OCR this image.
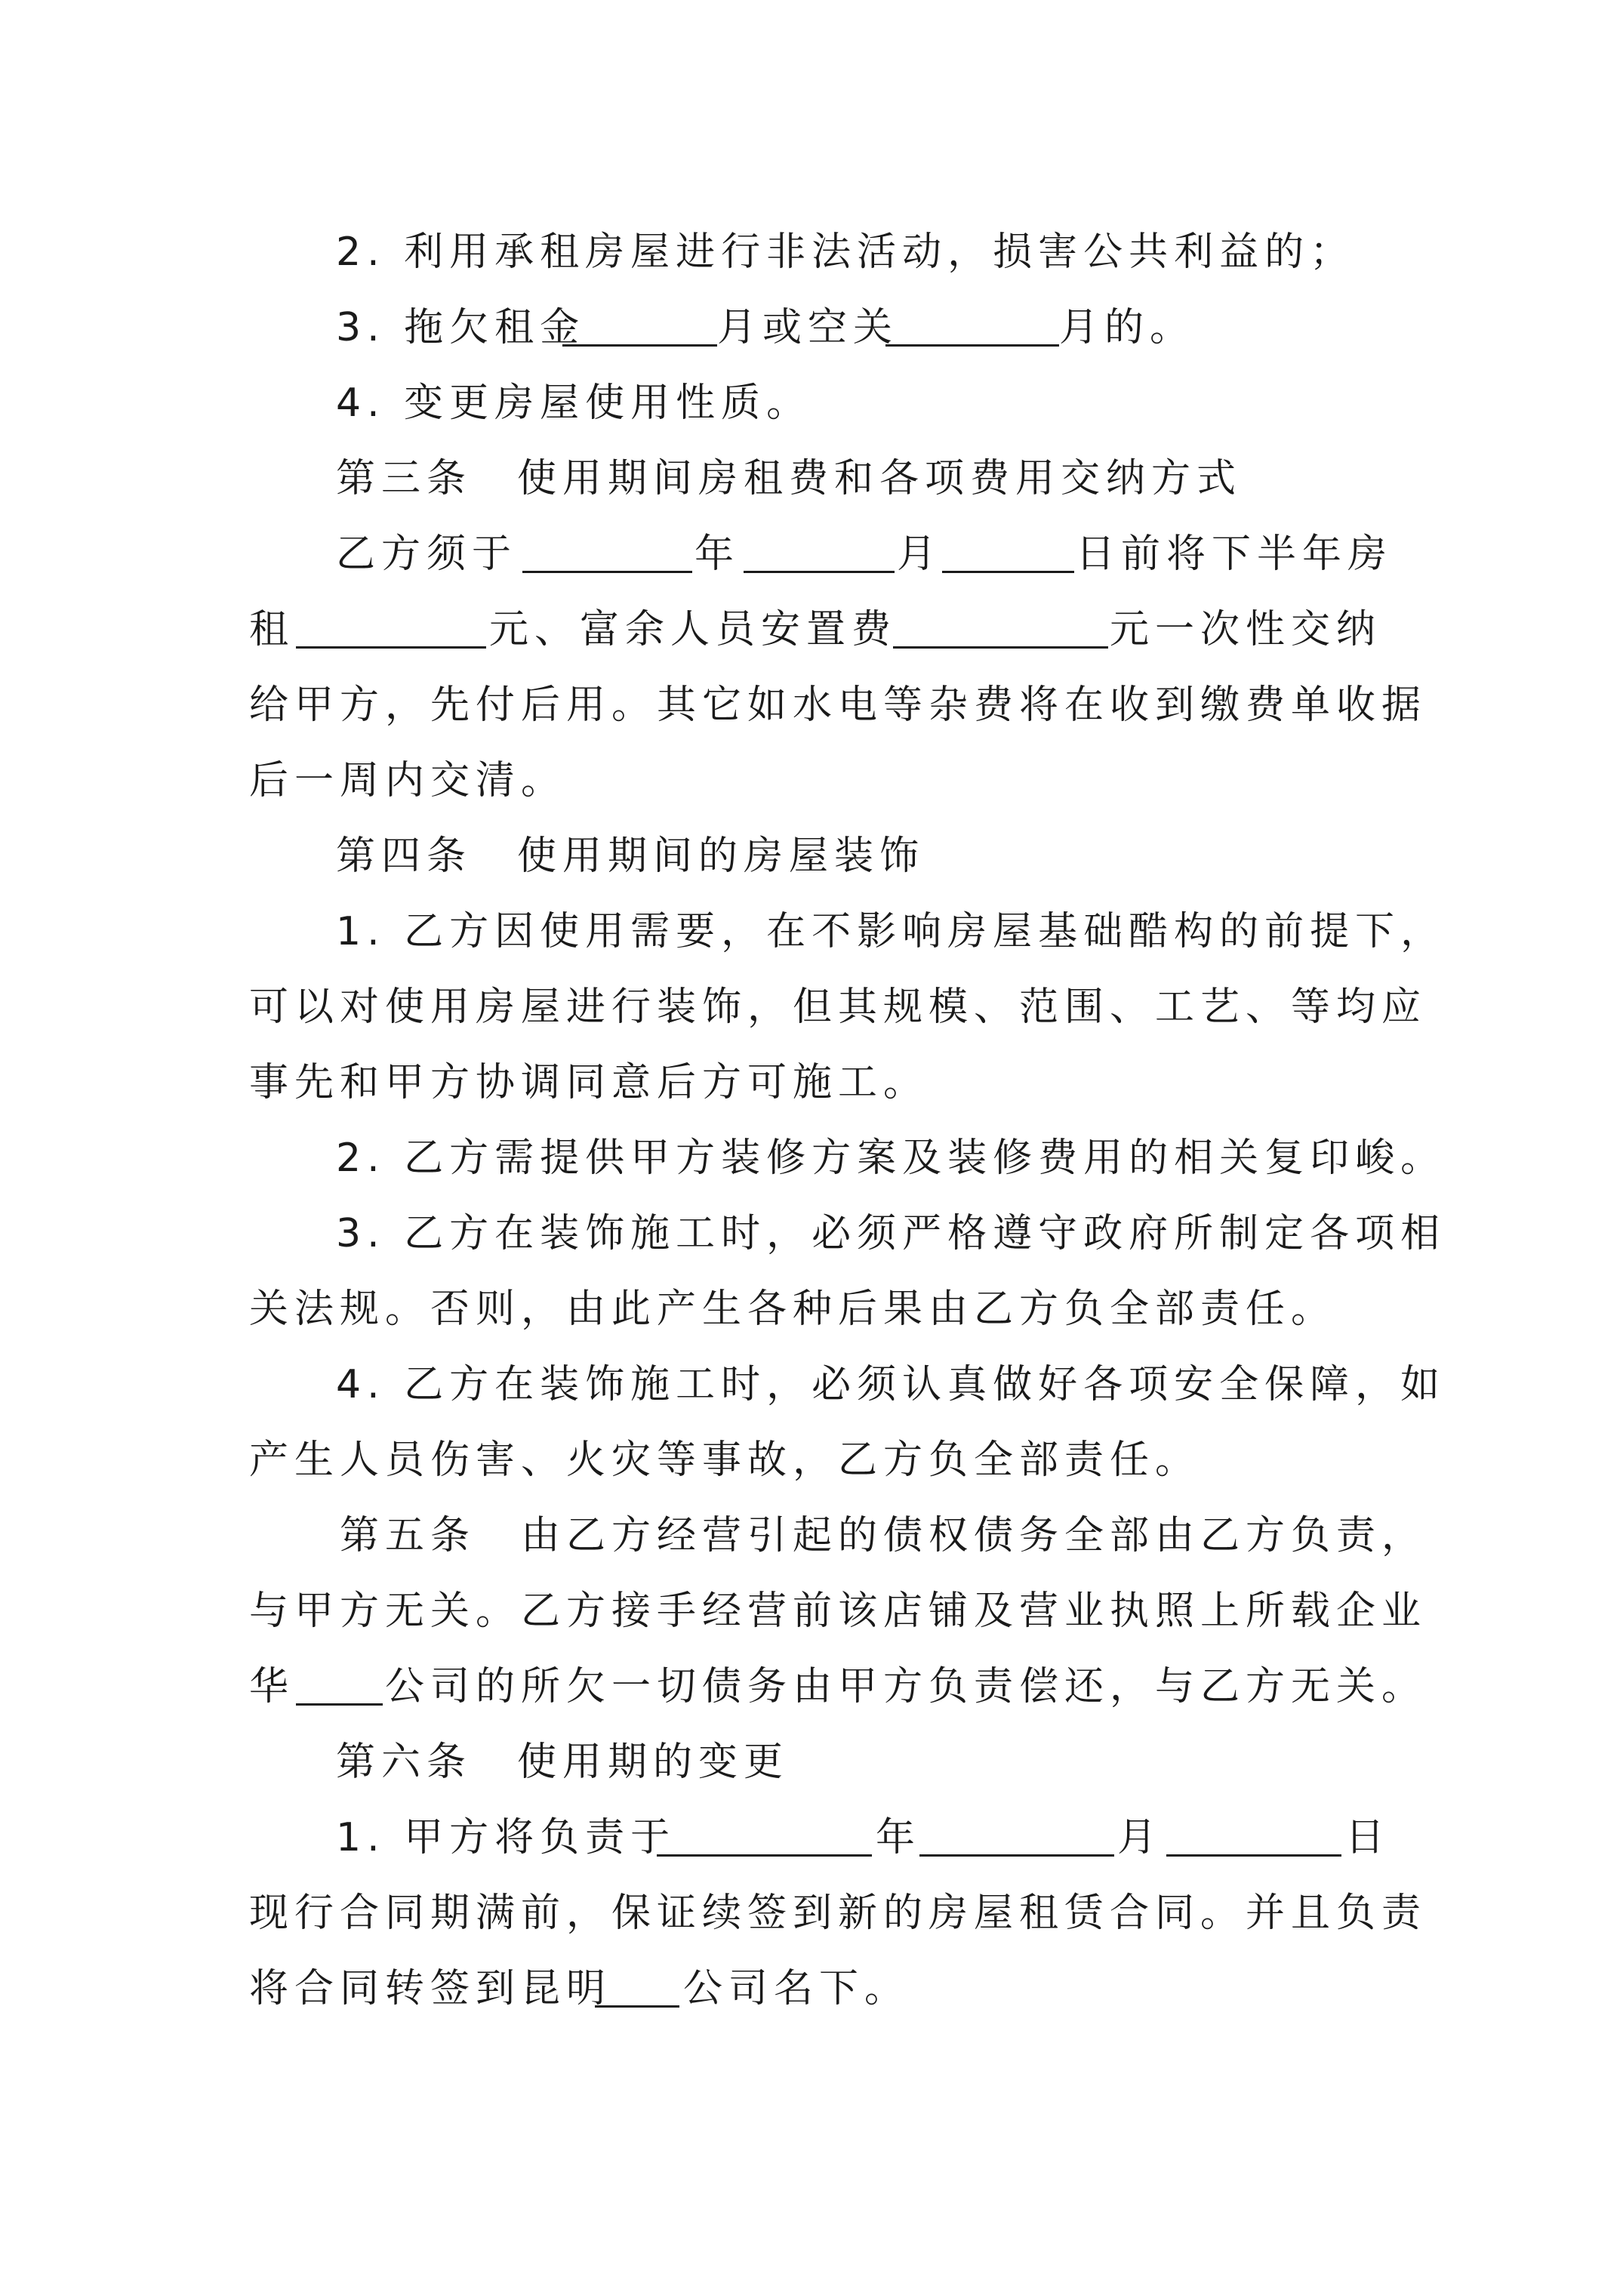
2. 利用承租房屋进行非法活动，损害公共利益的；
3. 拖欠租金	月或空关	月的。
4. 变更房屋使用性质。
第三条　使用期间房租费和各项费用交纳方式
乙方须于	年	月	日前将下半年房
租	元、富余人员安置费	元一次性交纳
给甲方，先付后用。其它如水电等杂费将在收到缴费单收据
后一周内交清。
第四条　使用期间的房屋装饰
1. 乙方因使用需要，在不影响房屋基础酷构的前提下，
可以对使用房屋进行装饰，但其规模、范围、工艺、等均应
事先和甲方协调同意后方可施工。
2. 乙方需提供甲方装修方案及装修费用的相关复印峻。
3. 乙方在装饰施工时，必须严格遵守政府所制定各项相
关法规。否则，由此产生各种后果由乙方负全部责任。
4. 乙方在装饰施工时，必须认真做好各项安全保障，如
产生人员伤害、火灾等事故，乙方负全部责任。
第五条　由乙方经营引起的债权债务全部由乙方负责，
与甲方无关。乙方接手经营前该店铺及营业执照上所载企业
华 公司的所欠一切债务由甲方负责偿还，与乙方无关。
第六条　使用期的变更
1. 甲方将负责于	年	月	日
现行合同期满前，保证续签到新的房屋租赁合同。并且负责
将合同转签到昆明 公司名下。
